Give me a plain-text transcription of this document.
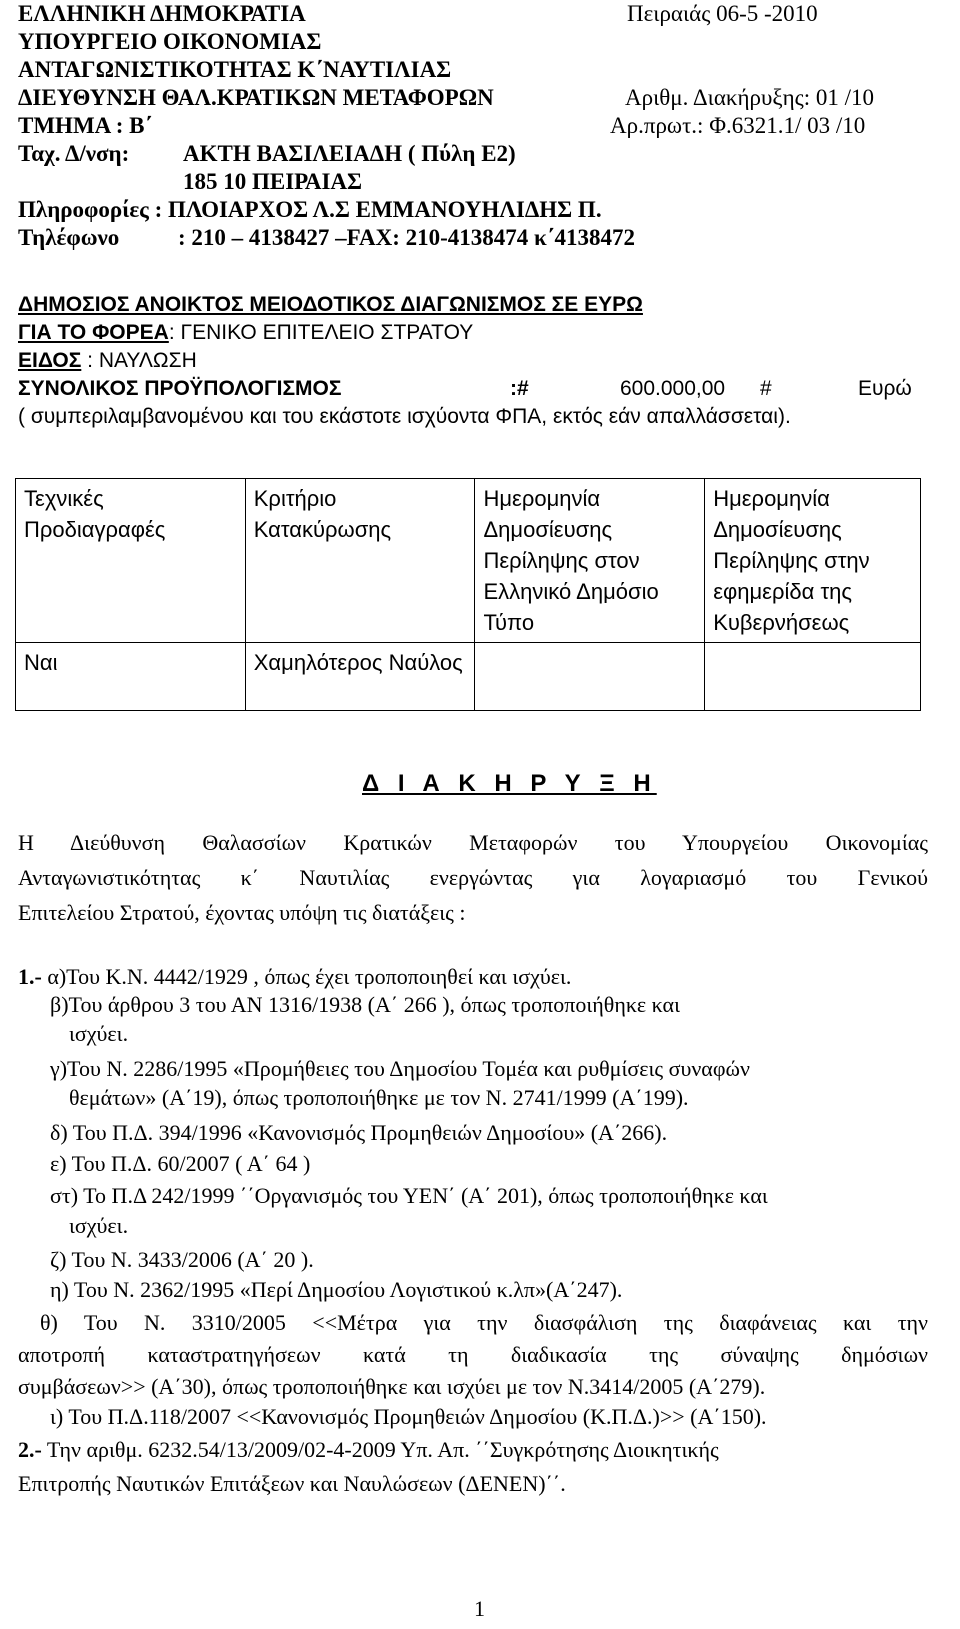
ΕΛΛΗΝΙΚΗ ΔΗΜΟΚΡΑΤΙΑ
ΥΠΟΥΡΓΕΙΟ ΟΙΚΟΝΟΜΙΑΣ
ΑΝΤΑΓΩΝΙΣΤΙΚΟΤΗΤΑΣ Κ΄ΝΑΥΤΙΛΙΑΣ
ΔΙΕΥΘΥΝΣΗ ΘΑΛ.ΚΡΑΤΙΚΩΝ ΜΕΤΑΦΟΡΩΝ
ΤΜΗΜΑ : Β΄
Ταχ. Δ/νση: ΑΚΤΗ ΒΑΣΙΛΕΙΑΔΗ ( Πύλη Ε2)
185 10 ΠΕΙΡΑΙΑΣ
Πληροφορίες : ΠΛΟΙΑΡΧΟΣ Λ.Σ ΕΜΜΑΝΟΥΗΛΙΔΗΣ Π.
Τηλέφωνο	: 210 – 4138427 –FAX: 210-4138474 κ΄4138472
Πειραιάς 06-5 -2010
Αριθμ. Διακήρυξης: 01 /10
Αρ.πρωτ.: Φ.6321.1/ 03 /10
ΔΗΜΟΣΙΟΣ ΑΝΟΙΚΤΟΣ ΜΕΙΟΔΟΤΙΚΟΣ ΔΙΑΓΩΝΙΣΜΟΣ ΣΕ ΕΥΡΩ
ΓΙΑ ΤΟ ΦΟΡΕΑ: ΓΕΝΙΚΟ ΕΠΙΤΕΛΕΙΟ ΣΤΡΑΤΟΥ
ΕΙΔΟΣ : ΝΑΥΛΩΣΗ
ΣΥΝΟΛΙΚΟΣ ΠΡΟΫΠΟΛΟΓΙΣΜΟΣ	:#	600.000,00 #	Ευρώ
( συμπεριλαμβανομένου και του εκάστοτε ισχύοντα ΦΠΑ, εκτός εάν απαλλάσσεται).
Τεχνικές Προδιαγραφές	Κριτήριο Κατακύρωσης	Ημερομηνία Δημοσίευσης Περίληψης στον Ελληνικό Δημόσιο Τύπο	Ημερομηνία Δημοσίευσης Περίληψης στην εφημερίδα της Κυβερνήσεως
Ναι	Χαμηλότερος Ναύλος		
Δ Ι Α Κ Η Ρ Υ Ξ Η
Η Διεύθυνση Θαλασσίων Κρατικών Μεταφορών του Υπουργείου Οικονομίας
Ανταγωνιστικότητας κ΄ Ναυτιλίας ενεργώντας για λογαριασμό του Γενικού
Επιτελείου Στρατού, έχοντας υπόψη τις διατάξεις :
1.- α)Του Κ.Ν. 4442/1929 , όπως έχει τροποποιηθεί και ισχύει.
β)Του άρθρου 3 του ΑΝ 1316/1938 (Α΄ 266 ), όπως τροποποιήθηκε και
ισχύει.
γ)Του Ν. 2286/1995 «Προμήθειες του Δημοσίου Τομέα και ρυθμίσεις συναφών
θεμάτων» (Α΄19), όπως τροποποιήθηκε με τον Ν. 2741/1999 (Α΄199).
δ) Του Π.Δ. 394/1996 «Κανονισμός Προμηθειών Δημοσίου» (Α΄266).
ε) Του Π.Δ. 60/2007 ( Α΄ 64 )
στ) Το Π.Δ 242/1999 ΄΄Οργανισμός του ΥΕΝ΄ (Α΄ 201), όπως τροποποιήθηκε και
ισχύει.
ζ) Του Ν. 3433/2006 (Α΄ 20 ).
η) Του Ν. 2362/1995 «Περί Δημοσίου Λογιστικού κ.λπ»(Α΄247).
θ) Του Ν. 3310/2005 <<Μέτρα για την διασφάλιση της διαφάνειας και την
αποτροπή καταστρατηγήσεων κατά τη διαδικασία της σύναψης δημόσιων
συμβάσεων>> (Α΄30), όπως τροποποιήθηκε και ισχύει με τον Ν.3414/2005 (Α΄279).
ι) Του Π.Δ.118/2007 <<Κανονισμός Προμηθειών Δημοσίου (Κ.Π.Δ.)>> (Α΄150).
2.- Την αριθμ. 6232.54/13/2009/02-4-2009 Υπ. Απ. ΄΄Συγκρότησης Διοικητικής
Επιτροπής Ναυτικών Επιτάξεων και Ναυλώσεων (ΔΕΝΕΝ)΄΄.
1
